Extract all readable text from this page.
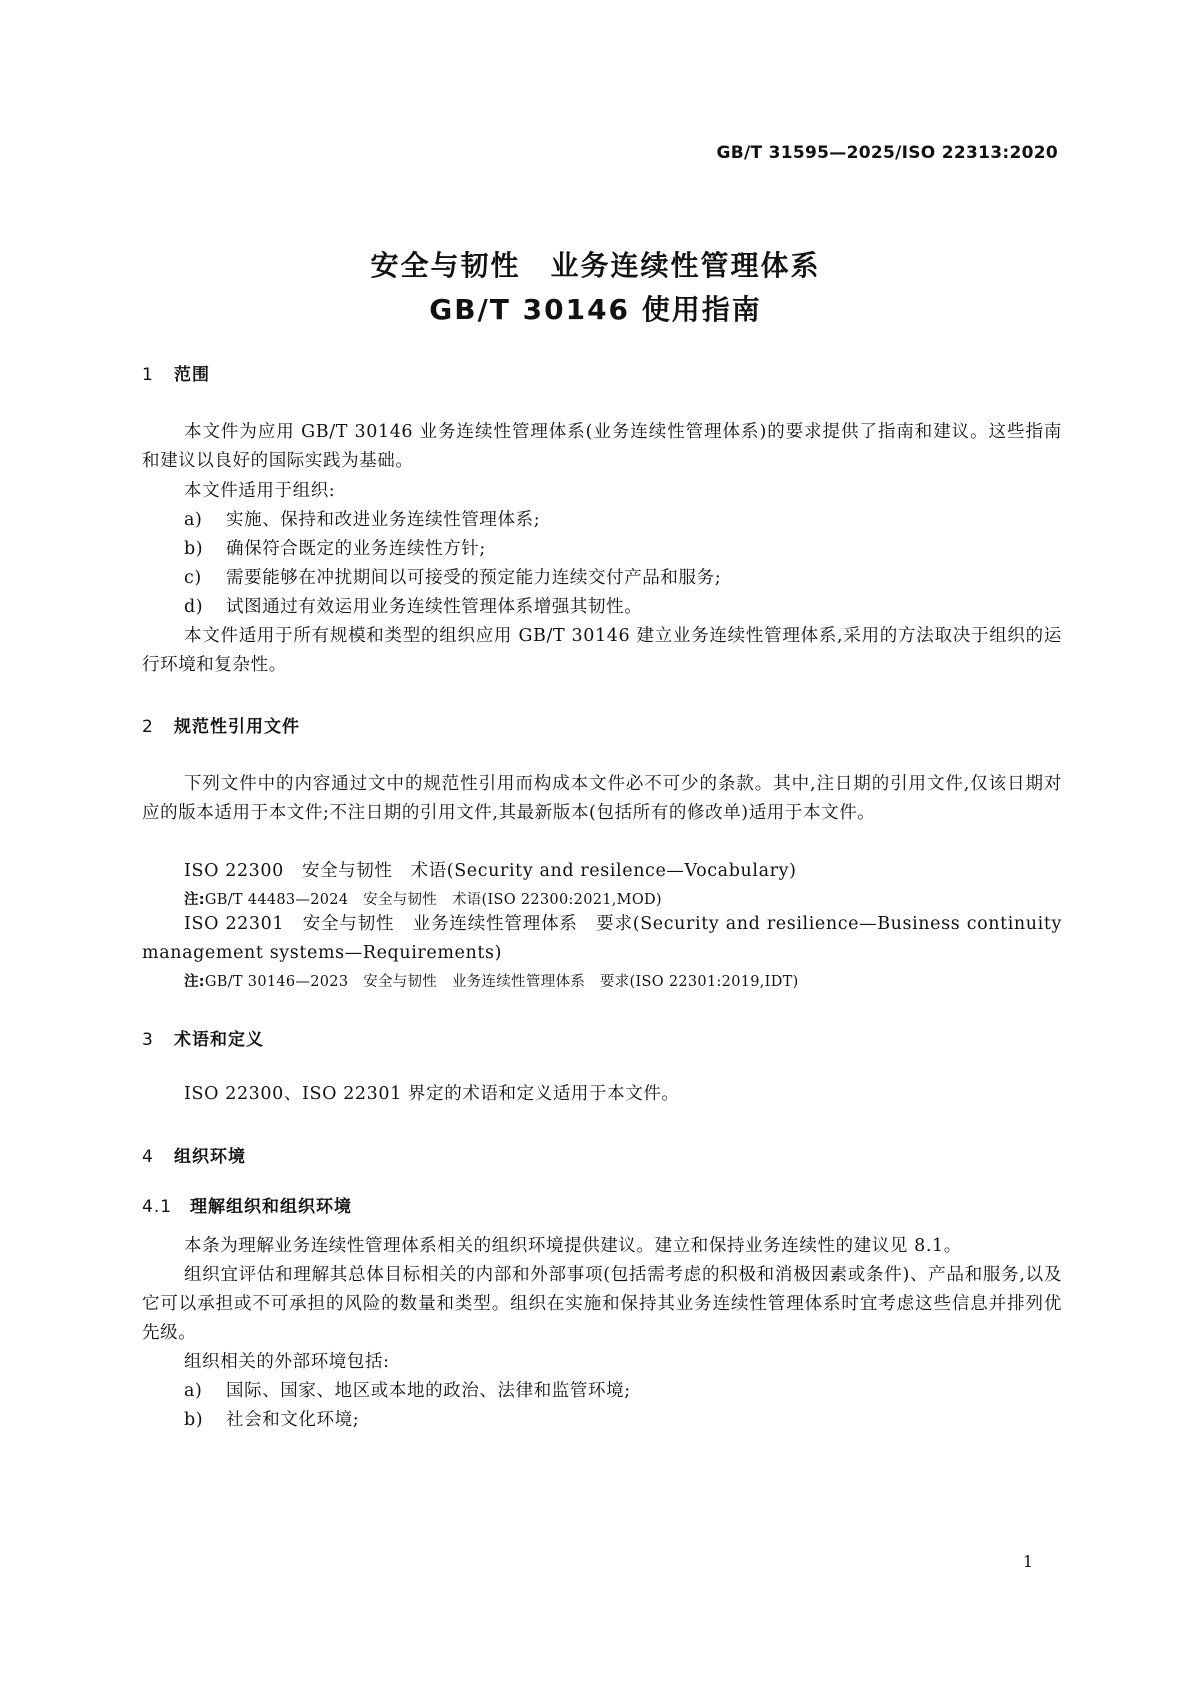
GB/T 31595—2025/ISO 22313:2020
安全与韧性　业务连续性管理体系
GB/T 30146 使用指南
1 范围
本文件为应用 GB/T 30146 业务连续性管理体系(业务连续性管理体系)的要求提供了指南和建议。这些指南和建议以良好的国际实践为基础。
本文件适用于组织:
a) 实施、保持和改进业务连续性管理体系;
b) 确保符合既定的业务连续性方针;
c) 需要能够在冲扰期间以可接受的预定能力连续交付产品和服务;
d) 试图通过有效运用业务连续性管理体系增强其韧性。
本文件适用于所有规模和类型的组织应用 GB/T 30146 建立业务连续性管理体系,采用的方法取决于组织的运行环境和复杂性。
2 规范性引用文件
下列文件中的内容通过文中的规范性引用而构成本文件必不可少的条款。其中,注日期的引用文件,仅该日期对应的版本适用于本文件;不注日期的引用文件,其最新版本(包括所有的修改单)适用于本文件。
ISO 22300　安全与韧性　术语(Security and resilence—Vocabulary)
注:GB/T 44483—2024　安全与韧性　术语(ISO 22300:2021,MOD)
ISO 22301　安全与韧性　业务连续性管理体系　要求(Security and resilience—Business continuity management systems—Requirements)
注:GB/T 30146—2023　安全与韧性　业务连续性管理体系　要求(ISO 22301:2019,IDT)
3 术语和定义
ISO 22300、ISO 22301 界定的术语和定义适用于本文件。
4 组织环境
4.1 理解组织和组织环境
本条为理解业务连续性管理体系相关的组织环境提供建议。建立和保持业务连续性的建议见 8.1。
组织宜评估和理解其总体目标相关的内部和外部事项(包括需考虑的积极和消极因素或条件)、产品和服务,以及它可以承担或不可承担的风险的数量和类型。组织在实施和保持其业务连续性管理体系时宜考虑这些信息并排列优先级。
组织相关的外部环境包括:
a) 国际、国家、地区或本地的政治、法律和监管环境;
b) 社会和文化环境;
1
